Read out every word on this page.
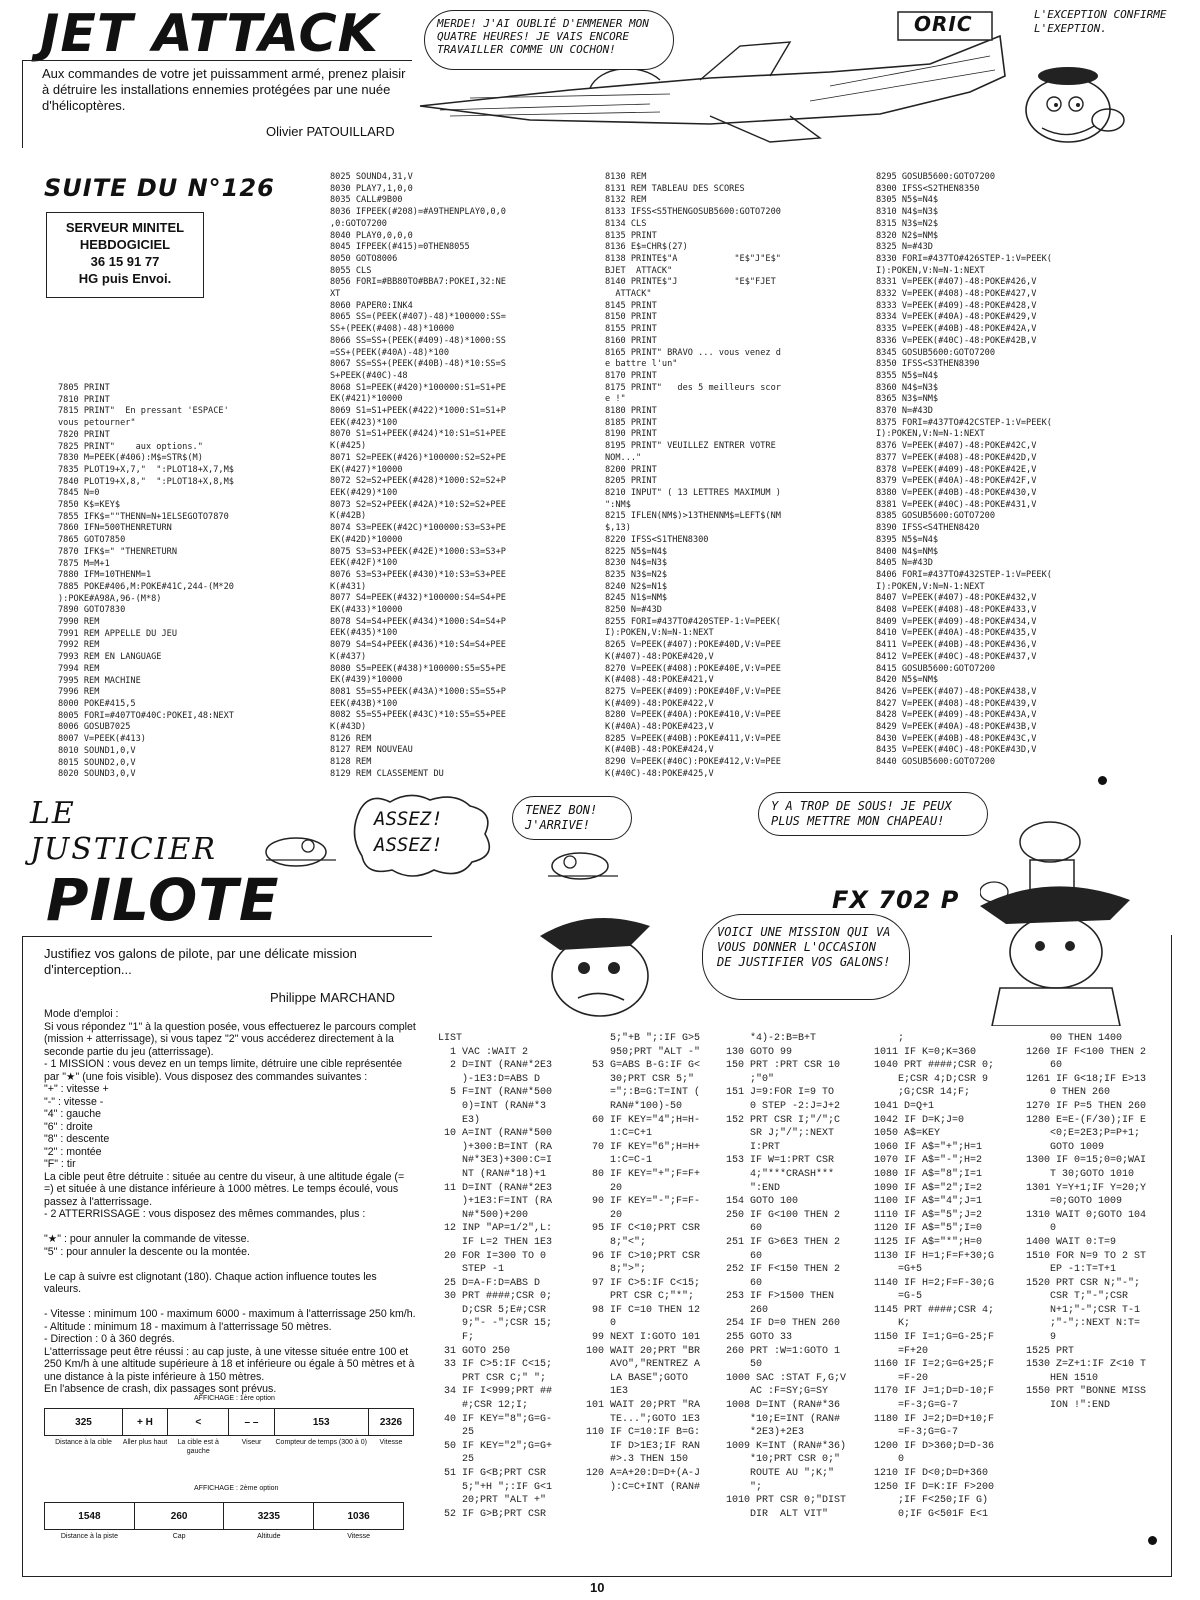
JET ATTACK
Aux commandes de votre jet puissamment armé, prenez plaisir à détruire les installations ennemies protégées par une nuée d'hélicoptères.
Olivier PATOUILLARD
MERDE! J'AI OUBLIÉ D'EMMENER MON QUATRE HEURES! JE VAIS ENCORE TRAVAILLER COMME UN COCHON!
ORIC	L'EXCEPTION CONFIRME L'EXEPTION.
SUITE DU N°126
SERVEUR MINITEL
HEBDOGICIEL
36 15 91 77
HG puis Envoi.
7805 PRINT
7810 PRINT
7815 PRINT"  En pressant 'ESPACE'
vous petourner"
7820 PRINT
7825 PRINT"    aux options."
7830 M=PEEK(#406):M$=STR$(M)
7835 PLOT19+X,7,"  ":PLOT18+X,7,M$
7840 PLOT19+X,8,"  ":PLOT18+X,8,M$
7845 N=0
7850 K$=KEY$
7855 IFK$=""THENN=N+1ELSEGOTO7870
7860 IFN=500THENRETURN
7865 GOTO7850
7870 IFK$=" "THENRETURN
7875 M=M+1
7880 IFM=10THENM=1
7885 POKE#406,M:POKE#41C,244-(M*20
):POKE#A98A,96-(M*8)
7890 GOTO7830
7990 REM
7991 REM APPELLE DU JEU
7992 REM
7993 REM EN LANGUAGE
7994 REM
7995 REM MACHINE
7996 REM
8000 POKE#415,5
8005 FORI=#407TO#40C:POKEI,48:NEXT
8006 GOSUB7025
8007 V=PEEK(#413)
8010 SOUND1,0,V
8015 SOUND2,0,V
8020 SOUND3,0,V
8025 SOUND4,31,V
8030 PLAY7,1,0,0
8035 CALL#9B00
8036 IFPEEK(#208)=#A9THENPLAY0,0,0
,0:GOTO7200
8040 PLAY0,0,0,0
8045 IFPEEK(#415)=0THEN8055
8050 GOTO8006
8055 CLS
8056 FORI=#BB80TO#BBA7:POKEI,32:NE
XT
8060 PAPER0:INK4
8065 SS=(PEEK(#407)-48)*100000:SS=
SS+(PEEK(#408)-48)*10000
8066 SS=SS+(PEEK(#409)-48)*1000:SS
=SS+(PEEK(#40A)-48)*100
8067 SS=SS+(PEEK(#40B)-48)*10:SS=S
S+PEEK(#40C)-48
8068 S1=PEEK(#420)*100000:S1=S1+PE
EK(#421)*10000
8069 S1=S1+PEEK(#422)*1000:S1=S1+P
EEK(#423)*100
8070 S1=S1+PEEK(#424)*10:S1=S1+PEE
K(#425)
8071 S2=PEEK(#426)*100000:S2=S2+PE
EK(#427)*10000
8072 S2=S2+PEEK(#428)*1000:S2=S2+P
EEK(#429)*100
8073 S2=S2+PEEK(#42A)*10:S2=S2+PEE
K(#42B)
8074 S3=PEEK(#42C)*100000:S3=S3+PE
EK(#42D)*10000
8075 S3=S3+PEEK(#42E)*1000:S3=S3+P
EEK(#42F)*100
8076 S3=S3+PEEK(#430)*10:S3=S3+PEE
K(#431)
8077 S4=PEEK(#432)*100000:S4=S4+PE
EK(#433)*10000
8078 S4=S4+PEEK(#434)*1000:S4=S4+P
EEK(#435)*100
8079 S4=S4+PEEK(#436)*10:S4=S4+PEE
K(#437)
8080 S5=PEEK(#438)*100000:S5=S5+PE
EK(#439)*10000
8081 S5=S5+PEEK(#43A)*1000:S5=S5+P
EEK(#43B)*100
8082 S5=S5+PEEK(#43C)*10:S5=S5+PEE
K(#43D)
8126 REM
8127 REM NOUVEAU
8128 REM
8129 REM CLASSEMENT DU
8130 REM
8131 REM TABLEAU DES SCORES
8132 REM
8133 IFSS<S5THENGOSUB5600:GOTO7200
8134 CLS
8135 PRINT
8136 E$=CHR$(27)
8138 PRINTE$"A           "E$"J"E$"
BJET  ATTACK"
8140 PRINTE$"J           "E$"FJET
ATTACK"
8145 PRINT
8150 PRINT
8155 PRINT
8160 PRINT
8165 PRINT" BRAVO ... vous venez d
e battre l'un"
8170 PRINT
8175 PRINT"   des 5 meilleurs scor
e !"
8180 PRINT
8185 PRINT
8190 PRINT
8195 PRINT" VEUILLEZ ENTRER VOTRE
NOM..."
8200 PRINT
8205 PRINT
8210 INPUT" ( 13 LETTRES MAXIMUM )
":NM$
8215 IFLEN(NM$)>13THENNM$=LEFT$(NM
$,13)
8220 IFSS<S1THEN8300
8225 N5$=N4$
8230 N4$=N3$
8235 N3$=N2$
8240 N2$=N1$
8245 N1$=NM$
8250 N=#43D
8255 FORI=#437TO#420STEP-1:V=PEEK(
I):POKEN,V:N=N-1:NEXT
8265 V=PEEK(#407):POKE#40D,V:V=PEE
K(#407)-48:POKE#420,V
8270 V=PEEK(#408):POKE#40E,V:V=PEE
K(#408)-48:POKE#421,V
8275 V=PEEK(#409):POKE#40F,V:V=PEE
K(#409)-48:POKE#422,V
8280 V=PEEK(#40A):POKE#410,V:V=PEE
K(#40A)-48:POKE#423,V
8285 V=PEEK(#40B):POKE#411,V:V=PEE
K(#40B)-48:POKE#424,V
8290 V=PEEK(#40C):POKE#412,V:V=PEE
K(#40C)-48:POKE#425,V
8295 GOSUB5600:GOTO7200
8300 IFSS<S2THEN8350
8305 N5$=N4$
8310 N4$=N3$
8315 N3$=N2$
8320 N2$=NM$
8325 N=#43D
8330 FORI=#437TO#426STEP-1:V=PEEK(
I):POKEN,V:N=N-1:NEXT
8331 V=PEEK(#407)-48:POKE#426,V
8332 V=PEEK(#408)-48:POKE#427,V
8333 V=PEEK(#409)-48:POKE#428,V
8334 V=PEEK(#40A)-48:POKE#429,V
8335 V=PEEK(#40B)-48:POKE#42A,V
8336 V=PEEK(#40C)-48:POKE#42B,V
8345 GOSUB5600:GOTO7200
8350 IFSS<S3THEN8390
8355 N5$=N4$
8360 N4$=N3$
8365 N3$=NM$
8370 N=#43D
8375 FORI=#437TO#42CSTEP-1:V=PEEK(
I):POKEN,V:N=N-1:NEXT
8376 V=PEEK(#407)-48:POKE#42C,V
8377 V=PEEK(#408)-48:POKE#42D,V
8378 V=PEEK(#409)-48:POKE#42E,V
8379 V=PEEK(#40A)-48:POKE#42F,V
8380 V=PEEK(#40B)-48:POKE#430,V
8381 V=PEEK(#40C)-48:POKE#431,V
8385 GOSUB5600:GOTO7200
8390 IFSS<S4THEN8420
8395 N5$=N4$
8400 N4$=NM$
8405 N=#43D
8406 FORI=#437TO#432STEP-1:V=PEEK(
I):POKEN,V:N=N-1:NEXT
8407 V=PEEK(#407)-48:POKE#432,V
8408 V=PEEK(#408)-48:POKE#433,V
8409 V=PEEK(#409)-48:POKE#434,V
8410 V=PEEK(#40A)-48:POKE#435,V
8411 V=PEEK(#40B)-48:POKE#436,V
8412 V=PEEK(#40C)-48:POKE#437,V
8415 GOSUB5600:GOTO7200
8420 N5$=NM$
8426 V=PEEK(#407)-48:POKE#438,V
8427 V=PEEK(#408)-48:POKE#439,V
8428 V=PEEK(#409)-48:POKE#43A,V
8429 V=PEEK(#40A)-48:POKE#43B,V
8430 V=PEEK(#40B)-48:POKE#43C,V
8435 V=PEEK(#40C)-48:POKE#43D,V
8440 GOSUB5600:GOTO7200
LE JUSTICIER
ASSEZ! ASSEZ!
TENEZ BON! J'ARRIVE!
Y A TROP DE SOUS! JE PEUX PLUS METTRE MON CHAPEAU!
PILOTE	FX 702 P
VOICI UNE MISSION QUI VA VOUS DONNER L'OCCASION DE JUSTIFIER VOS GALONS!
Justifiez vos galons de pilote, par une délicate mission d'interception...
Philippe MARCHAND
Mode d'emploi :
Si vous répondez "1" à la question posée, vous effectuerez le parcours complet (mission + atterrissage), si vous tapez "2" vous accéderez directement à la seconde partie du jeu (atterrissage).
- 1 MISSION : vous devez en un temps limite, détruire une cible représentée par "★" (une fois visible). Vous disposez des commandes suivantes :
"+" : vitesse +
"-" : vitesse -
"4" : gauche
"6" : droite
"8" : descente
"2" : montée
"F" : tir
La cible peut être détruite : située au centre du viseur, à une altitude égale (= =) et située à une distance inférieure à 1000 mètres. Le temps écoulé, vous passez à l'atterrissage.
- 2 ATTERRISSAGE : vous disposez des mêmes commandes, plus :

"★" : pour annuler la commande de vitesse.
"5" : pour annuler la descente ou la montée.

Le cap à suivre est clignotant (180). Chaque action influence toutes les valeurs.

- Vitesse : minimum 100 - maximum 6000 - maximum à l'atterrissage 250 km/h.
- Altitude : minimum 18 - maximum à l'atterrissage 50 mètres.
- Direction : 0 à 360 degrés.
L'atterrissage peut être réussi : au cap juste, à une vitesse située entre 100 et 250 Km/h à une altitude supérieure à 18 et inférieure ou égale à 50 mètres et à une distance à la piste inférieure à 150 mètres.
En l'absence de crash, dix passages sont prévus.
AFFICHAGE : 1ère option
325	+ H	<	– –	153	2326
Distance à la cible	Aller plus haut	La cible est à gauche	Viseur	Compteur de temps (300 à 0)	Vitesse
AFFICHAGE : 2ème option
1548	260	3235	1036
Distance à la piste	Cap	Altitude	Vitesse
LIST
1 VAC :WAIT 2
2 D=INT (RAN#*2E3
)-1E3:D=ABS D
5 F=INT (RAN#*500
0)=INT (RAN#*3
E3)
10 A=INT (RAN#*500
)+300:B=INT (RA
N#*3E3)+300:C=I
NT (RAN#*18)+1
11 D=INT (RAN#*2E3
)+1E3:F=INT (RA
N#*500)+200
12 INP "AP=1/2",L:
IF L=2 THEN 1E3
20 FOR I=300 TO 0
STEP -1
25 D=A-F:D=ABS D
30 PRT ####;CSR 0;
D;CSR 5;E#;CSR
9;"- -";CSR 15;
F;
31 GOTO 250
33 IF C>5:IF C<15;
PRT CSR C;" ";
34 IF I<999;PRT ##
#;CSR 12;I;
40 IF KEY="8";G=G-
25
50 IF KEY="2";G=G+
25
51 IF G<B;PRT CSR
5;"+H ";:IF G<1
20;PRT "ALT +"
52 IF G>B;PRT CSR
5;"+B ";:IF G>5
950;PRT "ALT -"
53 G=ABS B-G:IF G<
30;PRT CSR 5;"
=";:B=G:T=INT (
RAN#*100)-50
60 IF KEY="4";H=H-
1:C=C+1
70 IF KEY="6";H=H+
1:C=C-1
80 IF KEY="+";F=F+
20
90 IF KEY="-";F=F-
20
95 IF C<10;PRT CSR
8;"<";
96 IF C>10;PRT CSR
8;">";
97 IF C>5:IF C<15;
PRT CSR C;"*";
98 IF C=10 THEN 12
0
99 NEXT I:GOTO 101
100 WAIT 20;PRT "BR
AVO","RENTREZ A
LA BASE";GOTO
1E3
101 WAIT 20;PRT "RA
TE...";GOTO 1E3
110 IF C=10:IF B=G:
IF D>1E3;IF RAN
#>.3 THEN 150
120 A=A+20:D=D+(A-J
):C=C+INT (RAN#
*4)-2:B=B+T
130 GOTO 99
150 PRT :PRT CSR 10
;"0"
151 J=9:FOR I=9 TO
0 STEP -2:J=J+2
152 PRT CSR I;"/";C
SR J;"/";:NEXT
I:PRT
153 IF W=1:PRT CSR
4;"***CRASH***
":END
154 GOTO 100
250 IF G<100 THEN 2
60
251 IF G>6E3 THEN 2
60
252 IF F<150 THEN 2
60
253 IF F>1500 THEN
260
254 IF D=0 THEN 260
255 GOTO 33
260 PRT :W=1:GOTO 1
50
1000 SAC :STAT F,G;V
AC :F=SY;G=SY
1008 D=INT (RAN#*36
*10;E=INT (RAN#
*2E3)+2E3
1009 K=INT (RAN#*36)
*10;PRT CSR 0;"
ROUTE AU ";K;"
";
1010 PRT CSR 0;"DIST
DIR  ALT VIT"
;
1011 IF K=0;K=360
1040 PRT ####;CSR 0;
E;CSR 4;D;CSR 9
;G;CSR 14;F;
1041 D=Q+1
1042 IF D=K;J=0
1050 A$=KEY
1060 IF A$="+";H=1
1070 IF A$="-";H=2
1080 IF A$="8";I=1
1090 IF A$="2";I=2
1100 IF A$="4";J=1
1110 IF A$="5";J=2
1120 IF A$="5";I=0
1125 IF A$="*";H=0
1130 IF H=1;F=F+30;G
=G+5
1140 IF H=2;F=F-30;G
=G-5
1145 PRT ####;CSR 4;
K;
1150 IF I=1;G=G-25;F
=F+20
1160 IF I=2;G=G+25;F
=F-20
1170 IF J=1;D=D-10;F
=F-3;G=G-7
1180 IF J=2;D=D+10;F
=F-3;G=G-7
1200 IF D>360;D=D-36
0
1210 IF D<0;D=D+360
1250 IF D=K:IF F>200
;IF F<250;IF G)
0;IF G<501F E<1
00 THEN 1400
1260 IF F<100 THEN 2
60
1261 IF G<18;IF E>13
0 THEN 260
1270 IF P=5 THEN 260
1280 E=E-(F/30);IF E
<0;E=2E3;P=P+1;
GOTO 1009
1300 IF 0=15;0=0;WAI
T 30;GOTO 1010
1301 Y=Y+1;IF Y=20;Y
=0;GOTO 1009
1310 WAIT 0;GOTO 104
0
1400 WAIT 0:T=9
1510 FOR N=9 TO 2 ST
EP -1:T=T+1
1520 PRT CSR N;"-";
CSR T;"-";CSR
N+1;"-";CSR T-1
;"-";:NEXT N:T=
9
1525 PRT
1530 Z=Z+1:IF Z<10 T
HEN 1510
1550 PRT "BONNE MISS
ION !":END
10
